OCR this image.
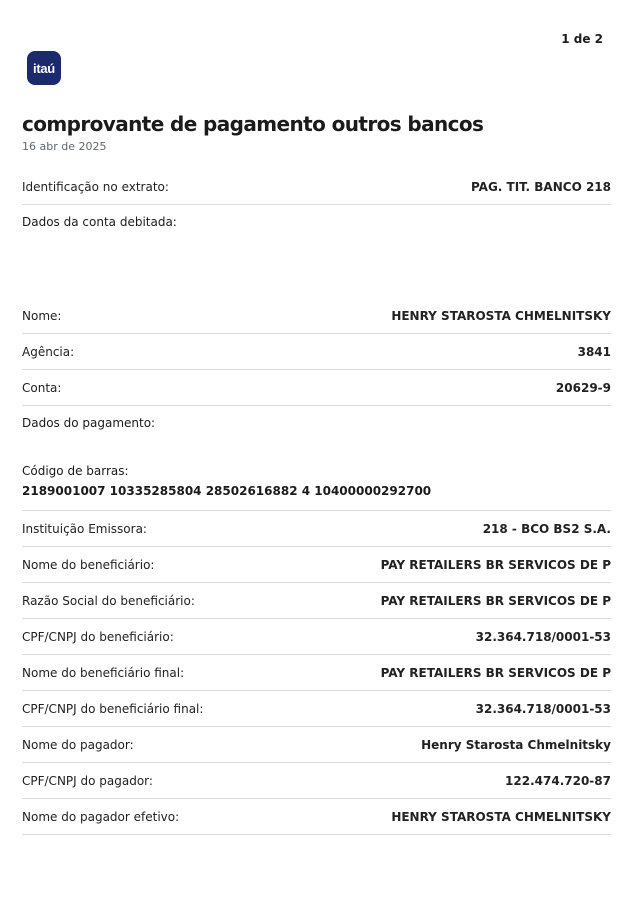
1 de 2
itaú
comprovante de pagamento outros bancos
16 abr de 2025
Identificação no extrato:	PAG. TIT. BANCO 218
Dados da conta debitada:
Nome:	HENRY STAROSTA CHMELNITSKY
Agência:	3841
Conta:	20629-9
Dados do pagamento:
Código de barras:
2189001007 10335285804 28502616882 4 10400000292700
Instituição Emissora:	218 - BCO BS2 S.A.
Nome do beneficiário:	PAY RETAILERS BR SERVICOS DE P
Razão Social do beneficiário:	PAY RETAILERS BR SERVICOS DE P
CPF/CNPJ do beneficiário:	32.364.718/0001-53
Nome do beneficiário final:	PAY RETAILERS BR SERVICOS DE P
CPF/CNPJ do beneficiário final:	32.364.718/0001-53
Nome do pagador:	Henry Starosta Chmelnitsky
CPF/CNPJ do pagador:	122.474.720-87
Nome do pagador efetivo:	HENRY STAROSTA CHMELNITSKY
